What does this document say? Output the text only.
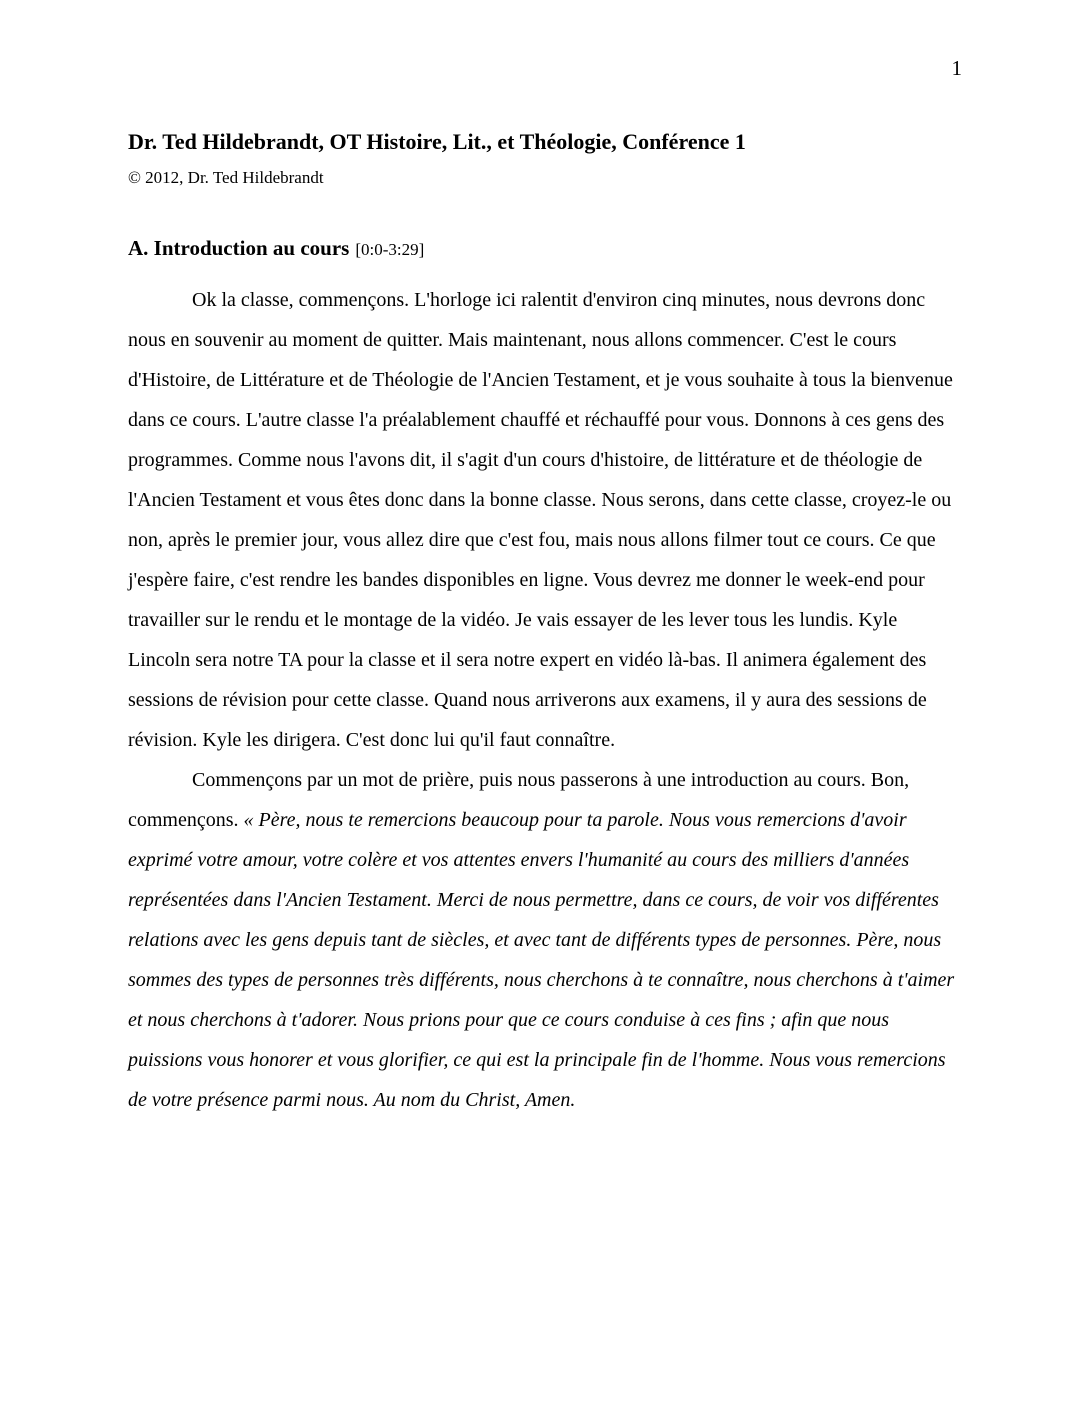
1
Dr. Ted Hildebrandt, OT Histoire, Lit., et Théologie, Conférence 1
© 2012, Dr. Ted Hildebrandt
A. Introduction au cours [0:0-3:29]

Ok la classe, commençons. L'horloge ici ralentit d'environ cinq minutes, nous devrons donc nous en souvenir au moment de quitter. Mais maintenant, nous allons commencer. C'est le cours d'Histoire, de Littérature et de Théologie de l'Ancien Testament, et je vous souhaite à tous la bienvenue dans ce cours. L'autre classe l'a préalablement chauffé et réchauffé pour vous. Donnons à ces gens des programmes. Comme nous l'avons dit, il s'agit d'un cours d'histoire, de littérature et de théologie de l'Ancien Testament et vous êtes donc dans la bonne classe. Nous serons, dans cette classe, croyez-le ou non, après le premier jour, vous allez dire que c'est fou, mais nous allons filmer tout ce cours. Ce que j'espère faire, c'est rendre les bandes disponibles en ligne. Vous devrez me donner le week-end pour travailler sur le rendu et le montage de la vidéo. Je vais essayer de les lever tous les lundis. Kyle Lincoln sera notre TA pour la classe et il sera notre expert en vidéo là-bas. Il animera également des sessions de révision pour cette classe. Quand nous arriverons aux examens, il y aura des sessions de révision. Kyle les dirigera. C'est donc lui qu'il faut connaître.

Commençons par un mot de prière, puis nous passerons à une introduction au cours. Bon, commençons. « Père, nous te remercions beaucoup pour ta parole. Nous vous remercions d'avoir exprimé votre amour, votre colère et vos attentes envers l'humanité au cours des milliers d'années représentées dans l'Ancien Testament. Merci de nous permettre, dans ce cours, de voir vos différentes relations avec les gens depuis tant de siècles, et avec tant de différents types de personnes. Père, nous sommes des types de personnes très différents, nous cherchons à te connaître, nous cherchons à t'aimer et nous cherchons à t'adorer. Nous prions pour que ce cours conduise à ces fins ; afin que nous puissions vous honorer et vous glorifier, ce qui est la principale fin de l'homme. Nous vous remercions de votre présence parmi nous. Au nom du Christ, Amen.
